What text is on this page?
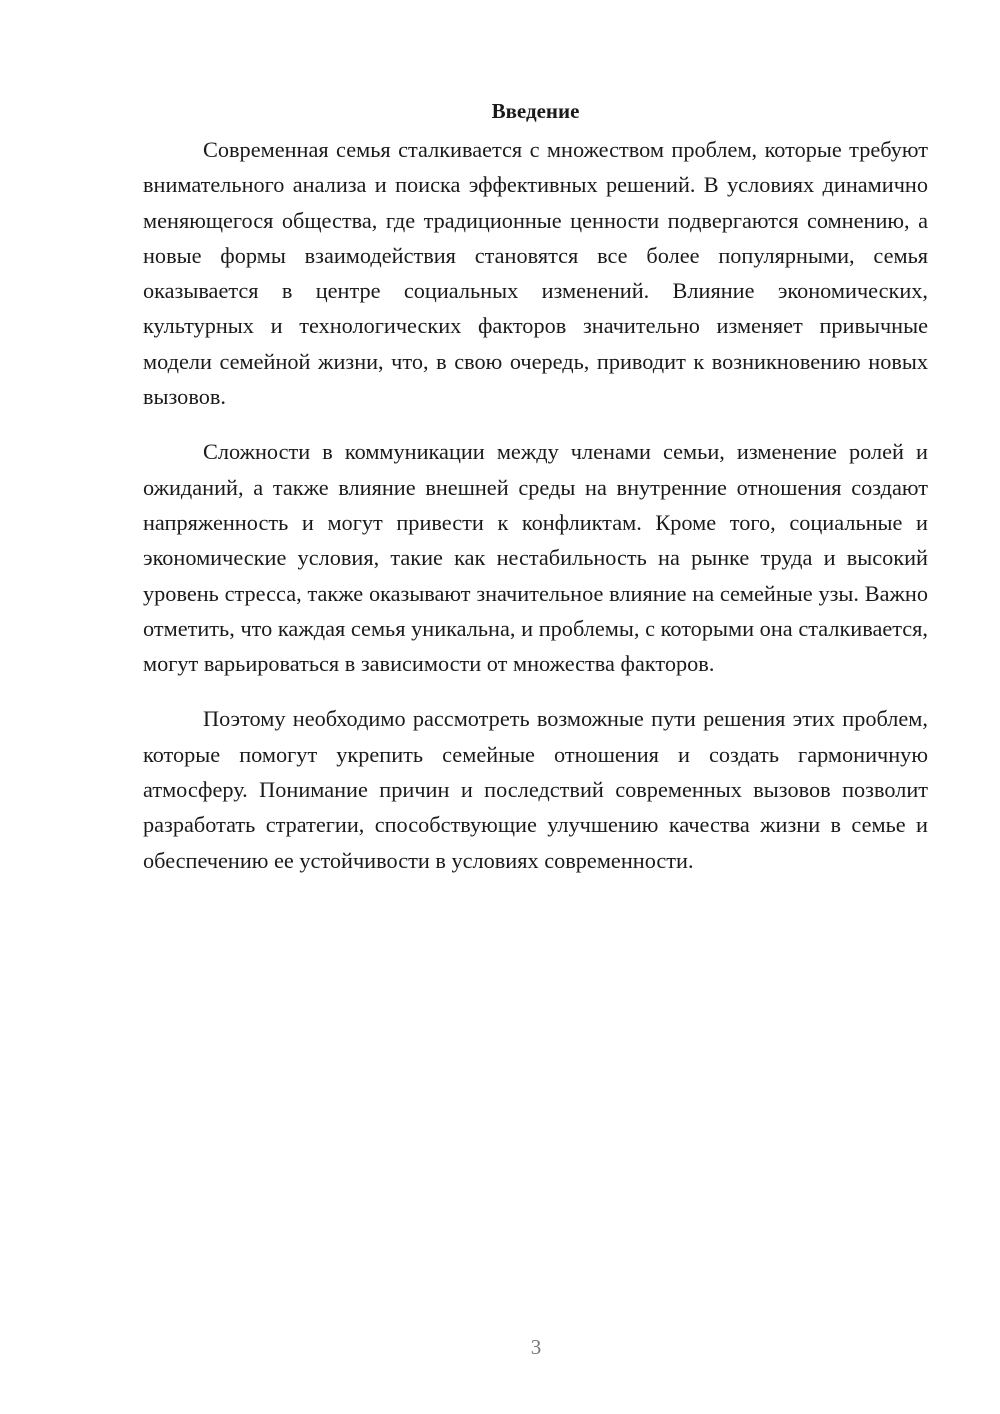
Введение

Современная семья сталкивается с множеством проблем, которые требуют внимательного анализа и поиска эффективных решений. В условиях динамично меняющегося общества, где традиционные ценности подвергаются сомнению, а новые формы взаимодействия становятся все более популярными, семья оказывается в центре социальных изменений. Влияние экономических, культурных и технологических факторов значительно изменяет привычные модели семейной жизни, что, в свою очередь, приводит к возникновению новых вызовов.

Сложности в коммуникации между членами семьи, изменение ролей и ожиданий, а также влияние внешней среды на внутренние отношения создают напряженность и могут привести к конфликтам. Кроме того, социальные и экономические условия, такие как нестабильность на рынке труда и высокий уровень стресса, также оказывают значительное влияние на семейные узы. Важно отметить, что каждая семья уникальна, и проблемы, с которыми она сталкивается, могут варьироваться в зависимости от множества факторов.

Поэтому необходимо рассмотреть возможные пути решения этих проблем, которые помогут укрепить семейные отношения и создать гармоничную атмосферу. Понимание причин и последствий современных вызовов позволит разработать стратегии, способствующие улучшению качества жизни в семье и обеспечению ее устойчивости в условиях современности.

3
